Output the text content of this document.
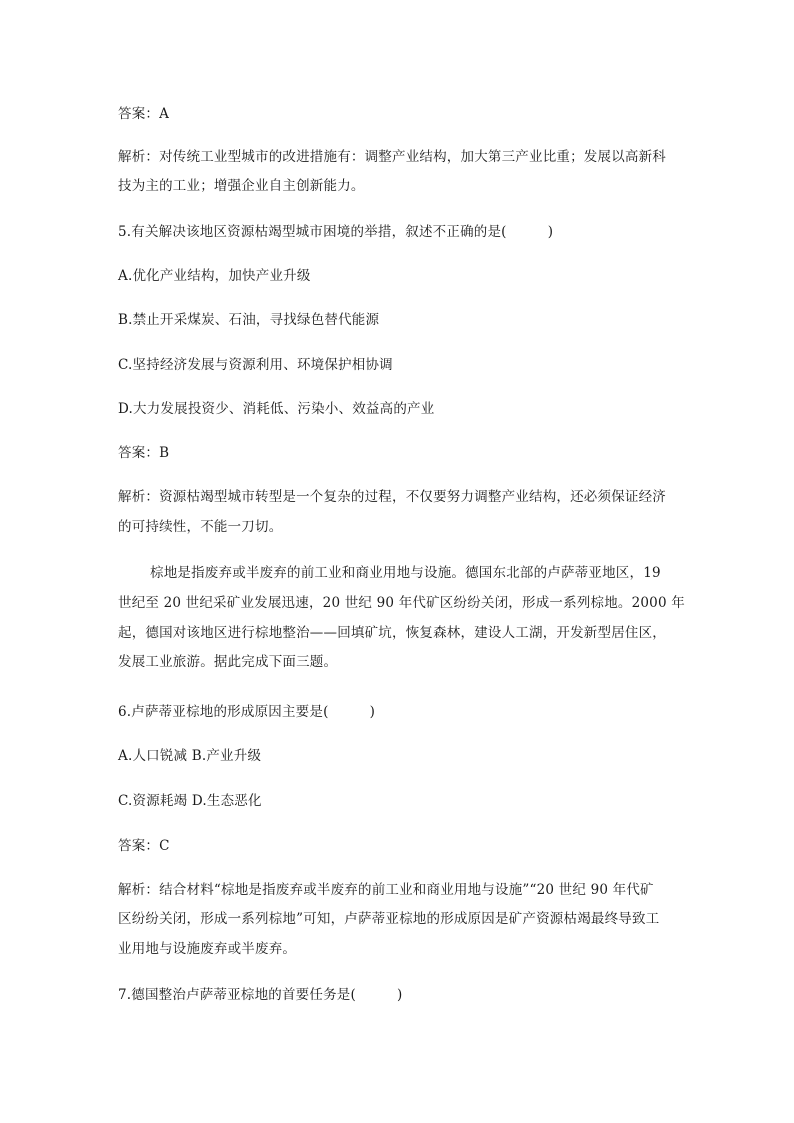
答案：A
解析：对传统工业型城市的改进措施有：调整产业结构，加大第三产业比重；发展以高新科
技为主的工业；增强企业自主创新能力。
5.有关解决该地区资源枯竭型城市困境的举措，叙述不正确的是(　　　)
A.优化产业结构，加快产业升级
B.禁止开采煤炭、石油，寻找绿色替代能源
C.坚持经济发展与资源利用、环境保护相协调
D.大力发展投资少、消耗低、污染小、效益高的产业
答案：B
解析：资源枯竭型城市转型是一个复杂的过程，不仅要努力调整产业结构，还必须保证经济
的可持续性，不能一刀切。
棕地是指废弃或半废弃的前工业和商业用地与设施。德国东北部的卢萨蒂亚地区，19
世纪至 20 世纪采矿业发展迅速，20 世纪 90 年代矿区纷纷关闭，形成一系列棕地。2000 年
起，德国对该地区进行棕地整治——回填矿坑，恢复森林，建设人工湖，开发新型居住区，
发展工业旅游。据此完成下面三题。
6.卢萨蒂亚棕地的形成原因主要是(　　　)
A.人口锐减 B.产业升级
C.资源耗竭 D.生态恶化
答案：C
解析：结合材料“棕地是指废弃或半废弃的前工业和商业用地与设施”“20 世纪 90 年代矿
区纷纷关闭，形成一系列棕地”可知，卢萨蒂亚棕地的形成原因是矿产资源枯竭最终导致工
业用地与设施废弃或半废弃。
7.德国整治卢萨蒂亚棕地的首要任务是(　　　)
